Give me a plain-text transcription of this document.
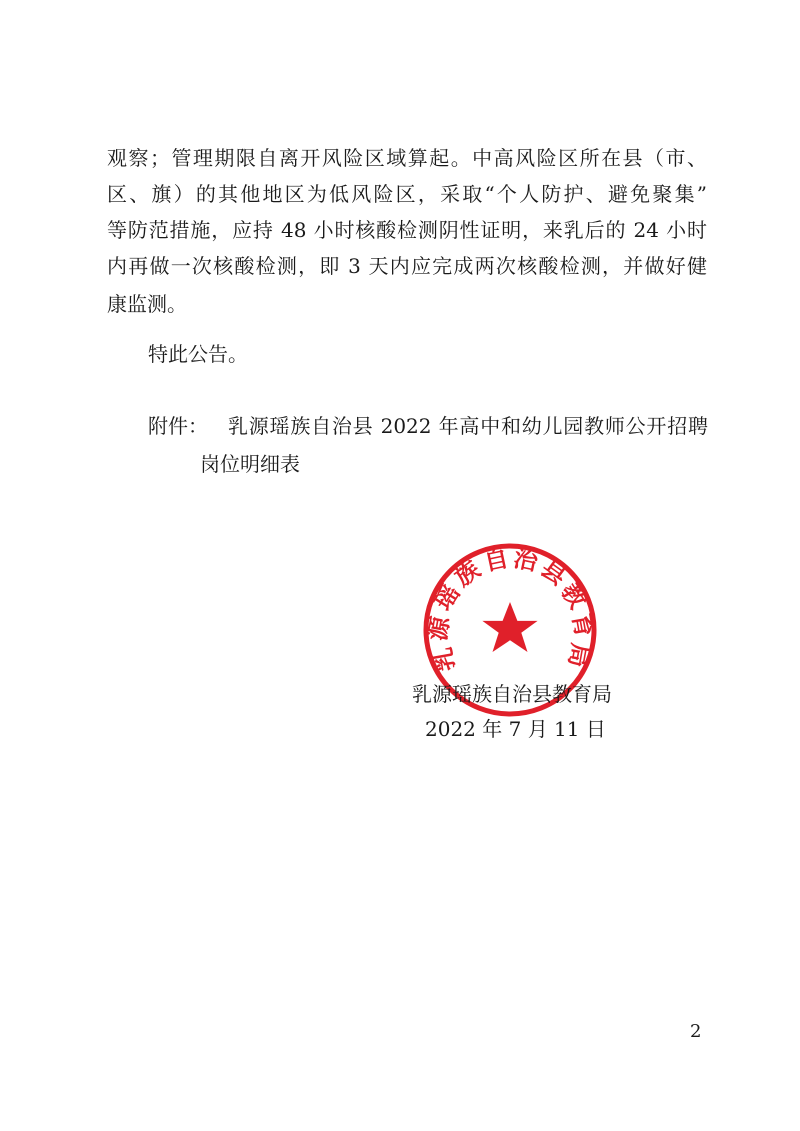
观察；管理期限自离开风险区域算起。中高风险区所在县（市、
区、旗）的其他地区为低风险区，采取“个人防护、避免聚集”
等防范措施，应持 48 小时核酸检测阴性证明，来乳后的 24 小时
内再做一次核酸检测，即 3 天内应完成两次核酸检测，并做好健
康监测。
特此公告。
附件： 乳源瑶族自治县 2022 年高中和幼儿园教师公开招聘
岗位明细表
乳
源
瑶
族
自 治
县
教
育
局
乳源瑶族自治县教育局
2022 年 7 月 11 日
2
